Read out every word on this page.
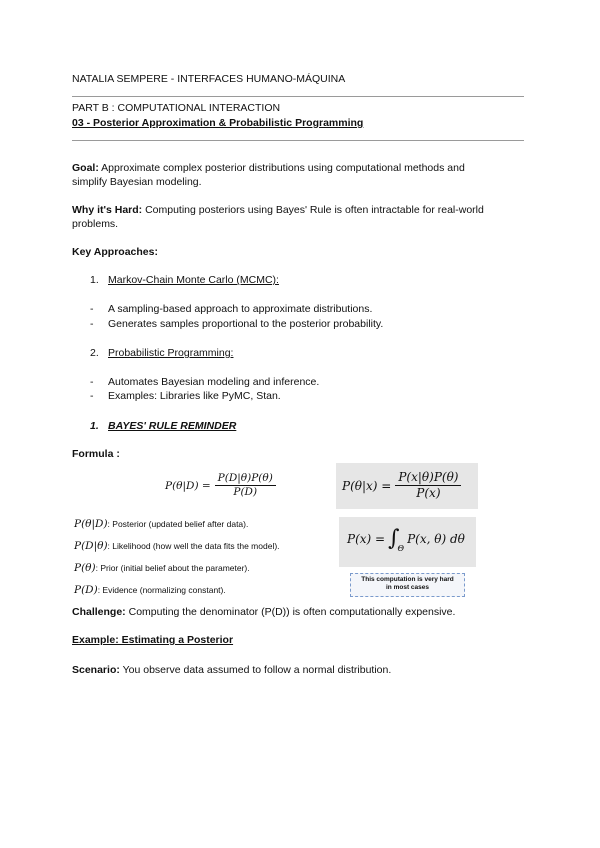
NATALIA SEMPERE - INTERFACES HUMANO-MÁQUINA
PART B : COMPUTATIONAL INTERACTION
03 - Posterior Approximation & Probabilistic Programming
Goal: Approximate complex posterior distributions using computational methods and
simplify Bayesian modeling.
Why it's Hard: Computing posteriors using Bayes' Rule is often intractable for real-world
problems.
Key Approaches:
1. Markov-Chain Monte Carlo (MCMC):
- A sampling-based approach to approximate distributions.
- Generates samples proportional to the posterior probability.
2. Probabilistic Programming:
- Automates Bayesian modeling and inference.
- Examples: Libraries like PyMC, Stan.
1. BAYES' RULE REMINDER
Formula :
$P(\theta|D) = \frac{P(D|\theta)P(\theta)}{P(D)}$	$P(\theta|x) = \frac{P(x|\theta)P(\theta)}{P(x)}$
P(θ|D): Posterior (updated belief after data).
P(D|θ): Likelihood (how well the data fits the model).
P(θ): Prior (initial belief about the parameter).
P(D): Evidence (normalizing constant).
P(x) = ∫
Θ
P(x, θ) dθ
This computation is very hard
in most cases
Challenge: Computing the denominator (P(D)) is often computationally expensive.
Example: Estimating a Posterior
Scenario: You observe data assumed to follow a normal distribution.
